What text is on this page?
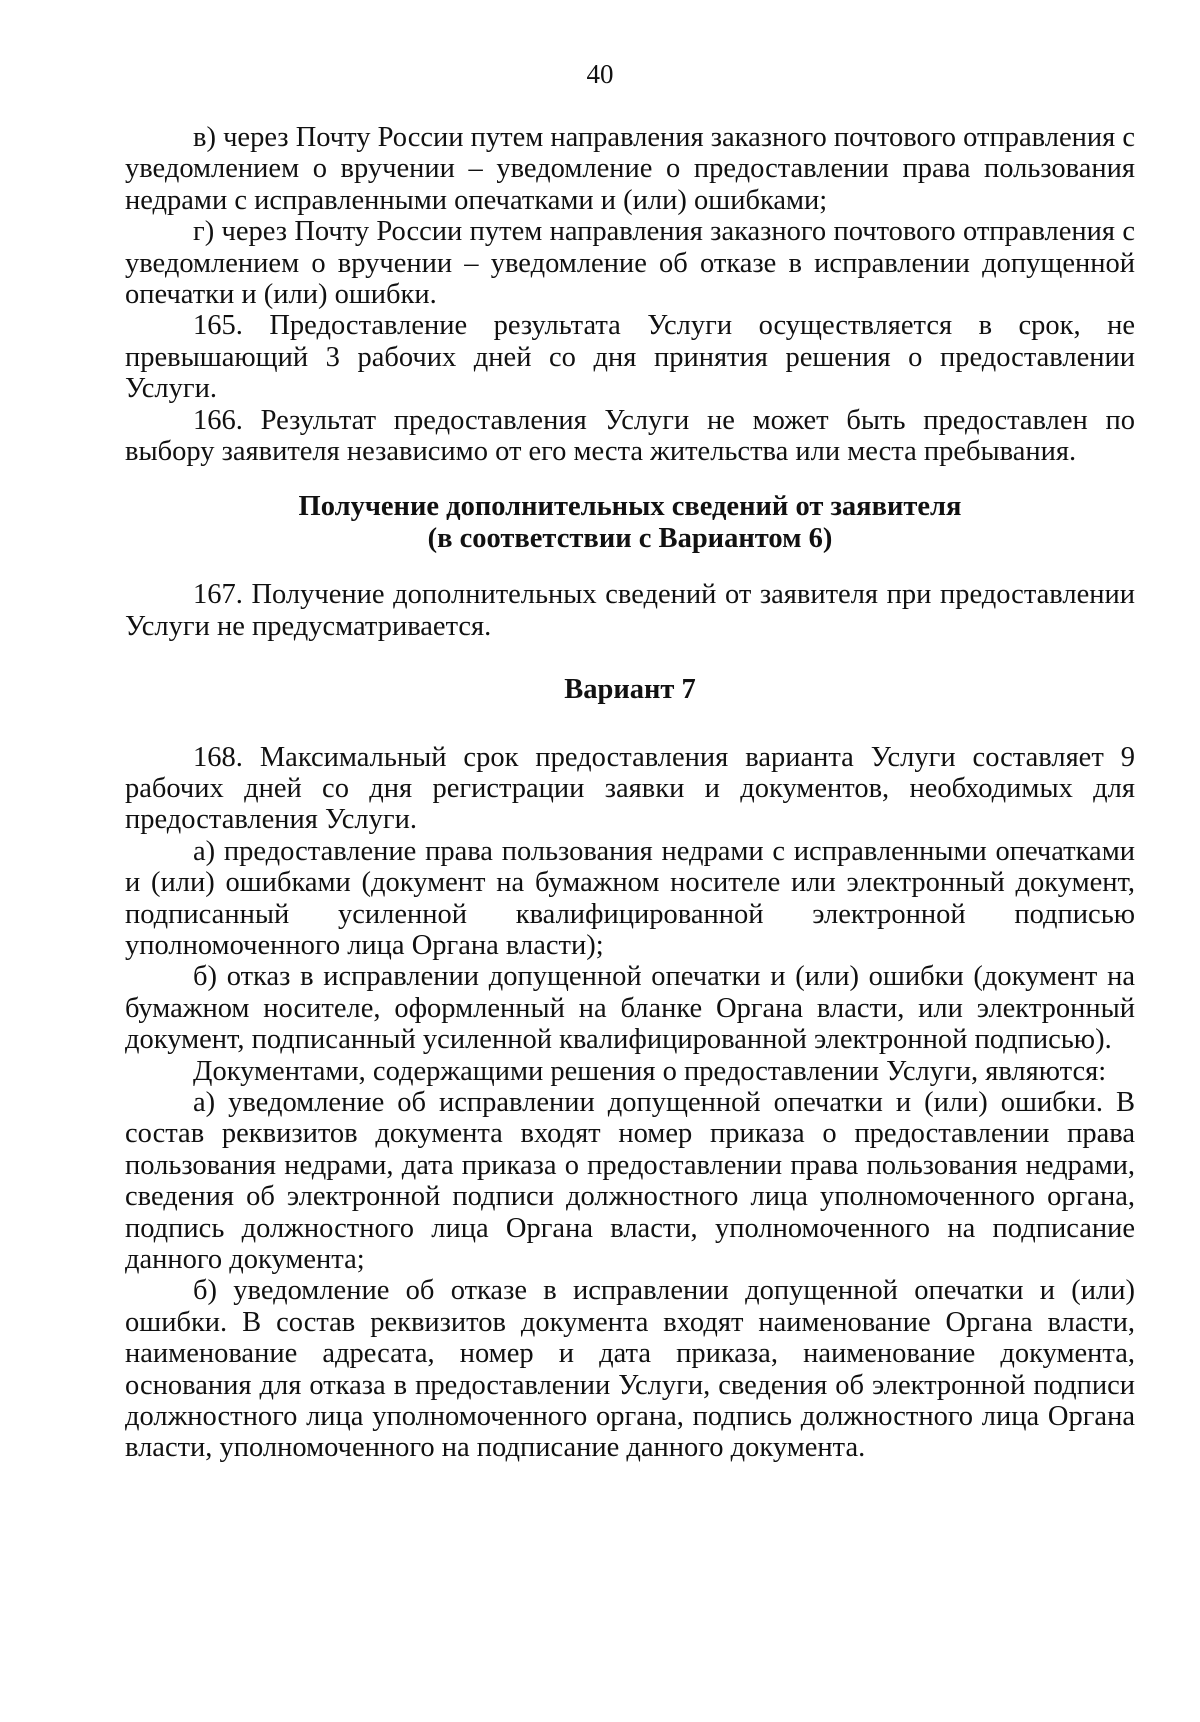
40

в) через Почту России путем направления заказного почтового отправления с уведомлением о вручении – уведомление о предоставлении права пользования недрами с исправленными опечатками и (или) ошибками;

г) через Почту России путем направления заказного почтового отправления с уведомлением о вручении – уведомление об отказе в исправлении допущенной опечатки и (или) ошибки.

165. Предоставление результата Услуги осуществляется в срок, не превышающий 3 рабочих дней со дня принятия решения о предоставлении Услуги.

166. Результат предоставления Услуги не может быть предоставлен по выбору заявителя независимо от его места жительства или места пребывания.

Получение дополнительных сведений от заявителя
(в соответствии с Вариантом 6)

167. Получение дополнительных сведений от заявителя при предоставлении Услуги не предусматривается.

Вариант 7

168. Максимальный срок предоставления варианта Услуги составляет 9 рабочих дней со дня регистрации заявки и документов, необходимых для предоставления Услуги.

а) предоставление права пользования недрами с исправленными опечатками и (или) ошибками (документ на бумажном носителе или электронный документ, подписанный усиленной квалифицированной электронной подписью уполномоченного лица Органа власти);

б) отказ в исправлении допущенной опечатки и (или) ошибки (документ на бумажном носителе, оформленный на бланке Органа власти, или электронный документ, подписанный усиленной квалифицированной электронной подписью).

Документами, содержащими решения о предоставлении Услуги, являются:

а) уведомление об исправлении допущенной опечатки и (или) ошибки. В состав реквизитов документа входят номер приказа о предоставлении права пользования недрами, дата приказа о предоставлении права пользования недрами, сведения об электронной подписи должностного лица уполномоченного органа, подпись должностного лица Органа власти, уполномоченного на подписание данного документа;

б) уведомление об отказе в исправлении допущенной опечатки и (или) ошибки. В состав реквизитов документа входят наименование Органа власти, наименование адресата, номер и дата приказа, наименование документа, основания для отказа в предоставлении Услуги, сведения об электронной подписи должностного лица уполномоченного органа, подпись должностного лица Органа власти, уполномоченного на подписание данного документа.
